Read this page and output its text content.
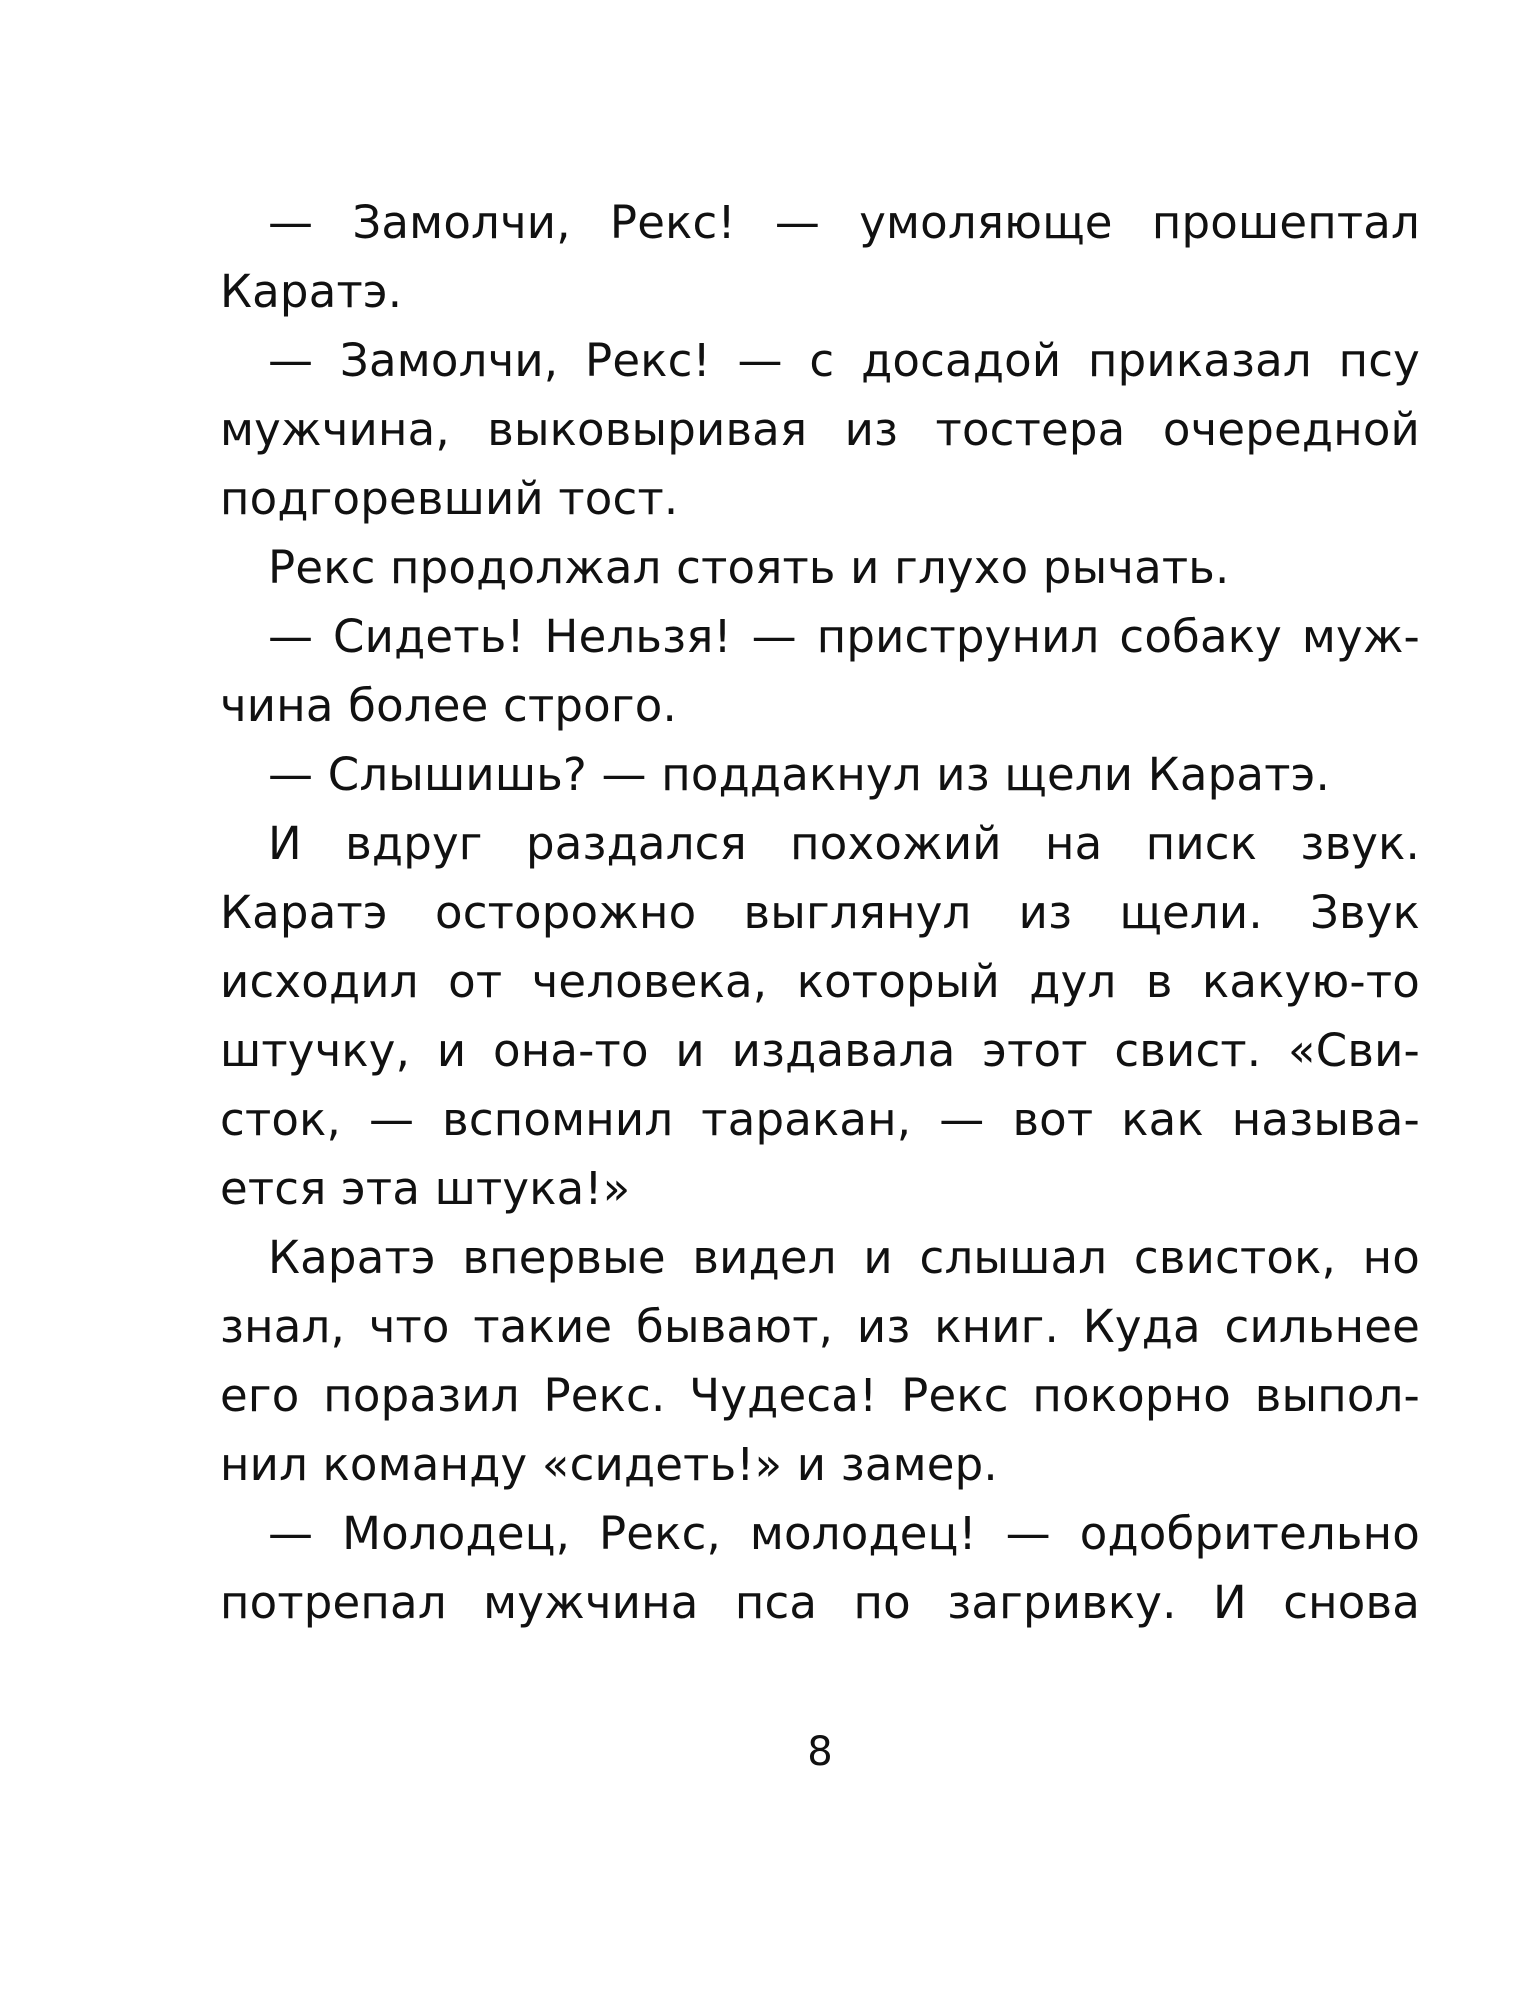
— Замолчи, Рекс! — умоляюще прошептал
Каратэ.
— Замолчи, Рекс! — с досадой приказал псу
мужчина, выковыривая из тостера очередной
подгоревший тост.
Рекс продолжал стоять и глухо рычать.
— Сидеть! Нельзя! — приструнил собаку муж-
чина более строго.
— Слышишь? — поддакнул из щели Каратэ.
И вдруг раздался похожий на писк звук.
Каратэ осторожно выглянул из щели. Звук
исходил от человека, который дул в какую-то
штучку, и она-то и издавала этот свист. «Сви-
сток, — вспомнил таракан, — вот как называ-
ется эта штука!»
Каратэ впервые видел и слышал свисток, но
знал, что такие бывают, из книг. Куда сильнее
его поразил Рекс. Чудеса! Рекс покорно выпол-
нил команду «сидеть!» и замер.
— Молодец, Рекс, молодец! — одобрительно
потрепал мужчина пса по загривку. И снова
8
